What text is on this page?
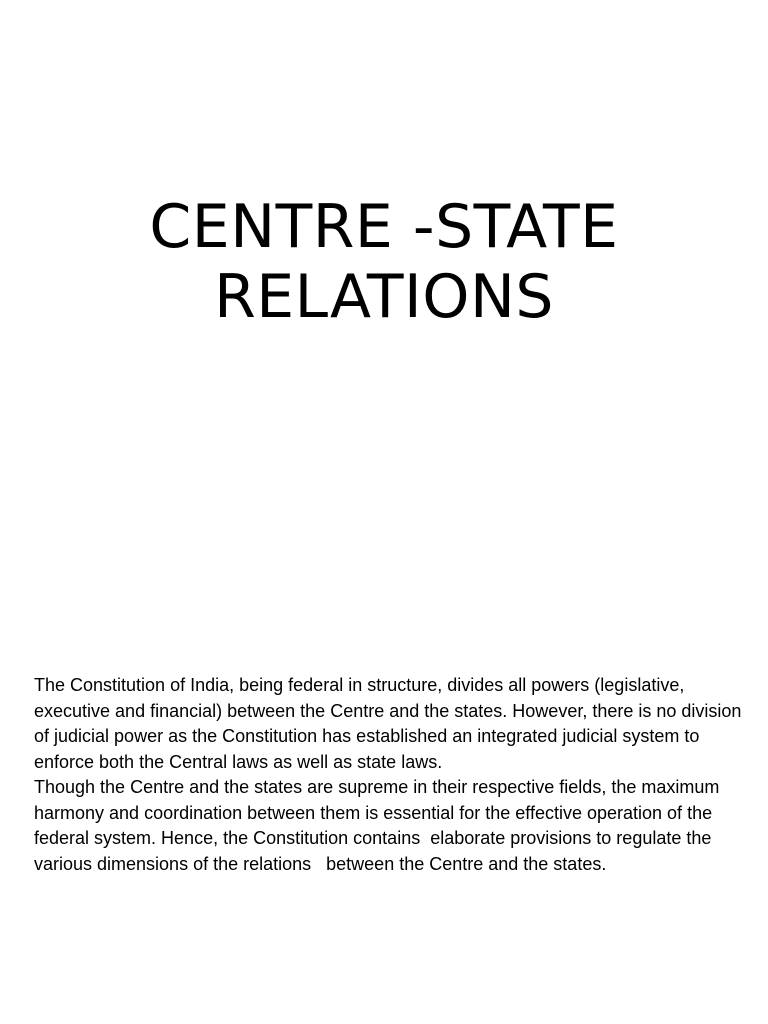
CENTRE -STATE
RELATIONS

The Constitution of India, being federal in structure, divides all powers (legislative, executive and financial) between the Centre and the states. However, there is no division of judicial power as the Constitution has established an integrated judicial system to enforce both the Central laws as well as state laws.

Though the Centre and the states are supreme in their respective fields, the maximum harmony and coordination between them is essential for the effective operation of the federal system. Hence, the Constitution contains  elaborate provisions to regulate the various dimensions of the relations   between the Centre and the states.
